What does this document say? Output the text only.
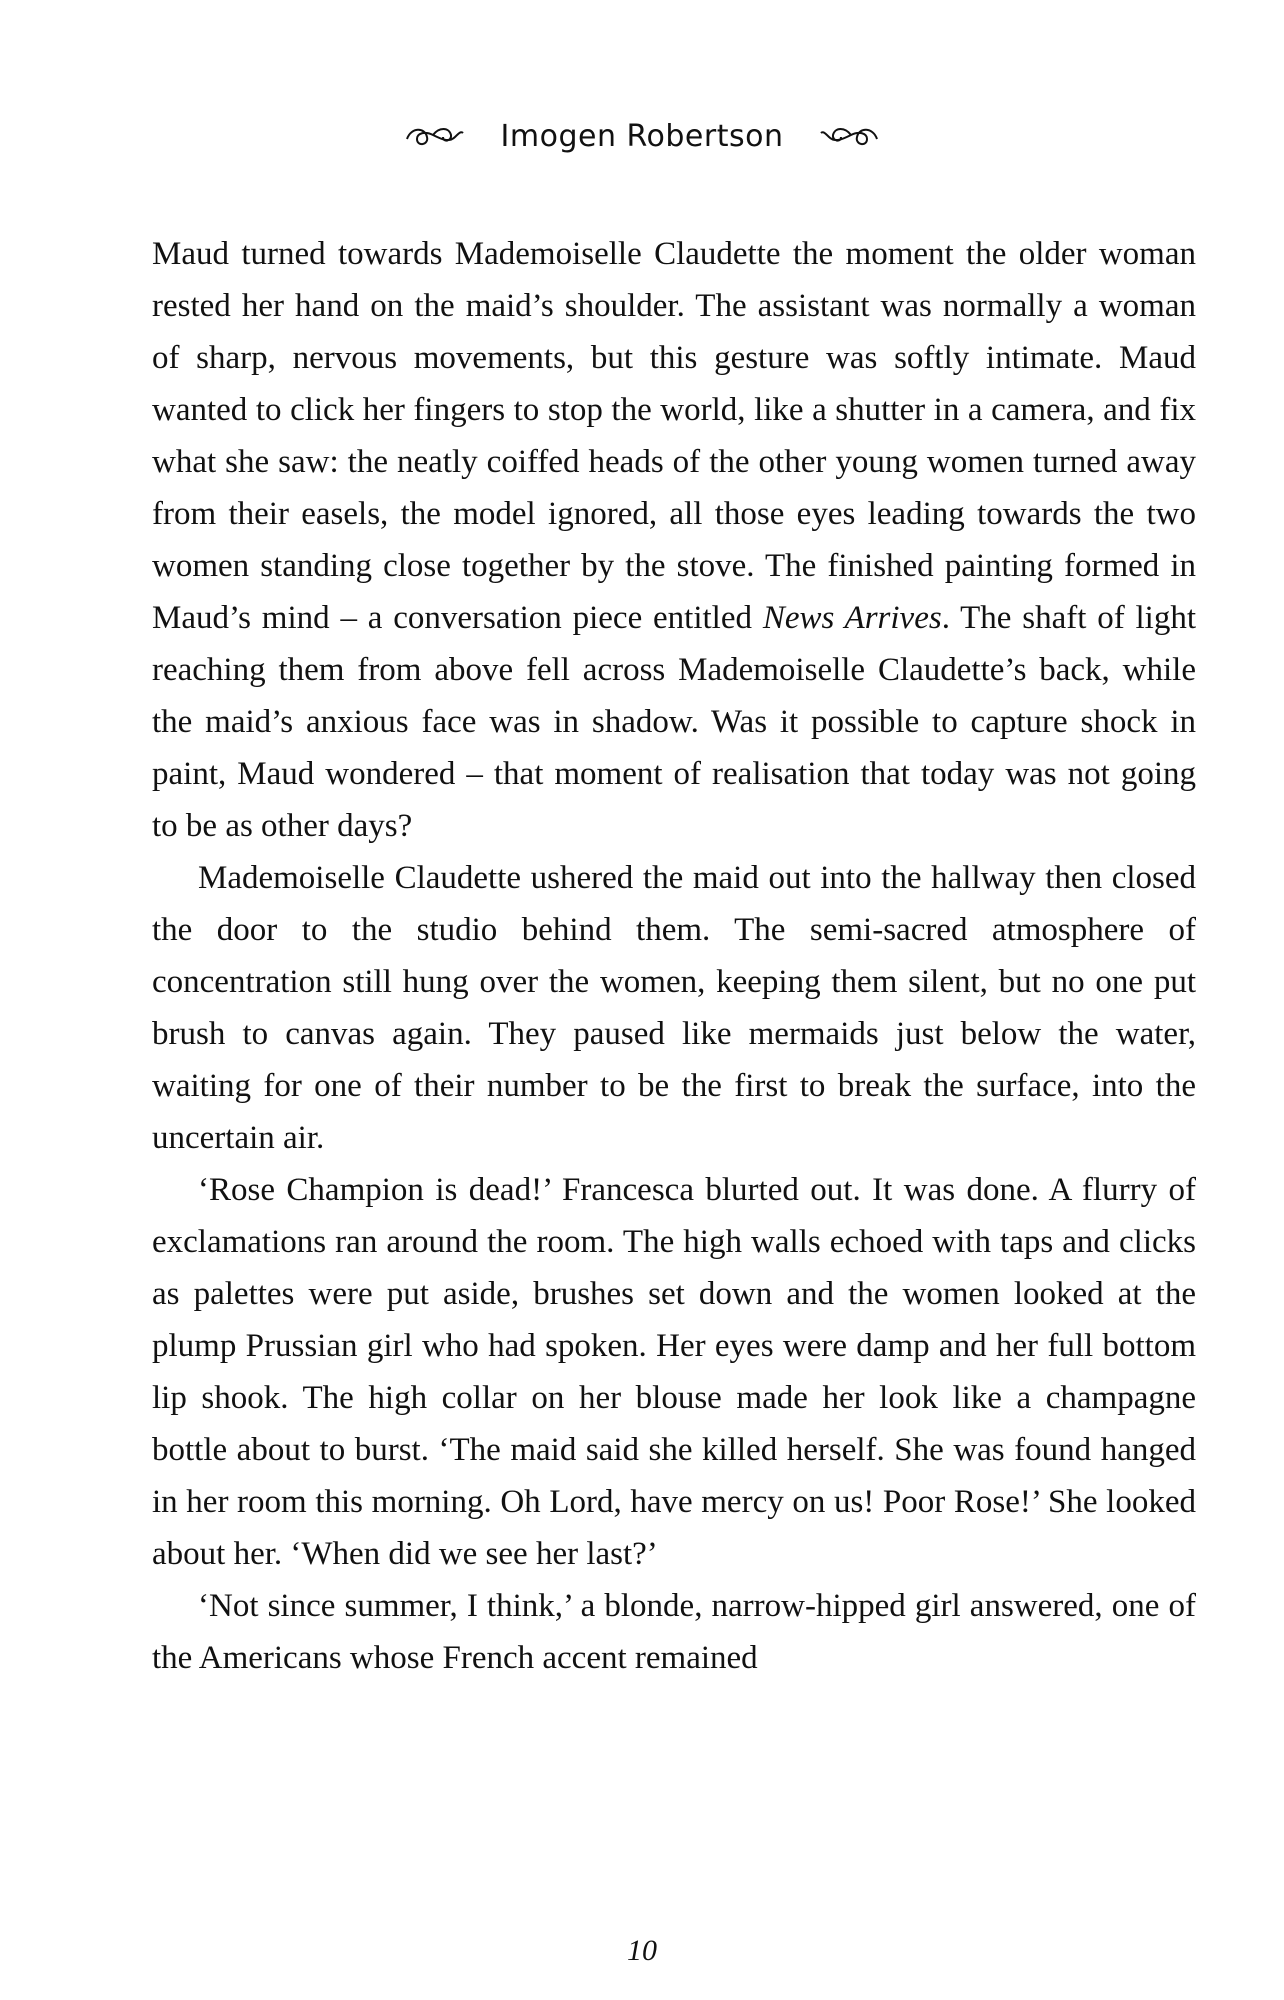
Imogen Robertson

Maud turned towards Mademoiselle Claudette the moment the older woman rested her hand on the maid’s shoulder. The assistant was normally a woman of sharp, nervous movements, but this gesture was softly intimate. Maud wanted to click her fingers to stop the world, like a shutter in a camera, and fix what she saw: the neatly coiffed heads of the other young women turned away from their easels, the model ignored, all those eyes leading towards the two women standing close together by the stove. The finished painting formed in Maud’s mind – a conversation piece entitled News Arrives. The shaft of light reaching them from above fell across Mademoiselle Claudette’s back, while the maid’s anxious face was in shadow. Was it possible to capture shock in paint, Maud wondered – that moment of realisation that today was not going to be as other days?

Mademoiselle Claudette ushered the maid out into the hallway then closed the door to the studio behind them. The semi-sacred atmosphere of concentration still hung over the women, keeping them silent, but no one put brush to canvas again. They paused like mermaids just below the water, waiting for one of their number to be the first to break the surface, into the uncertain air.

‘Rose Champion is dead!’ Francesca blurted out. It was done. A flurry of exclamations ran around the room. The high walls echoed with taps and clicks as palettes were put aside, brushes set down and the women looked at the plump Prussian girl who had spoken. Her eyes were damp and her full bottom lip shook. The high collar on her blouse made her look like a champagne bottle about to burst. ‘The maid said she killed herself. She was found hanged in her room this morning. Oh Lord, have mercy on us! Poor Rose!’ She looked about her. ‘When did we see her last?’

‘Not since summer, I think,’ a blonde, narrow-hipped girl answered, one of the Americans whose French accent remained

10
